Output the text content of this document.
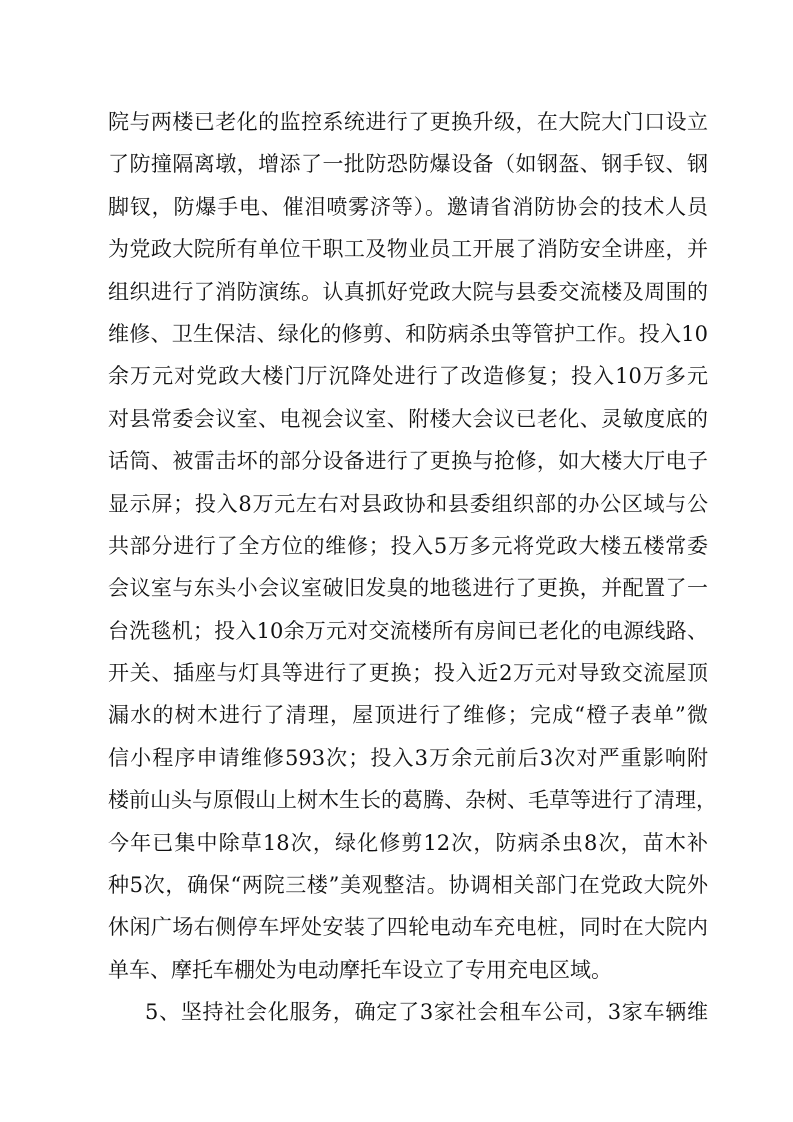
院与两楼已老化的监控系统进行了更换升级，在大院大门口设立
了防撞隔离墩，增添了一批防恐防爆设备（如钢盔、钢手钗、钢
脚钗，防爆手电、催泪喷雾济等）。邀请省消防协会的技术人员
为党政大院所有单位干职工及物业员工开展了消防安全讲座，并
组织进行了消防演练。认真抓好党政大院与县委交流楼及周围的
维修、卫生保洁、绿化的修剪、和防病杀虫等管护工作。投入10
余万元对党政大楼门厅沉降处进行了改造修复；投入10万多元
对县常委会议室、电视会议室、附楼大会议已老化、灵敏度底的
话筒、被雷击坏的部分设备进行了更换与抢修，如大楼大厅电子
显示屏；投入8万元左右对县政协和县委组织部的办公区域与公
共部分进行了全方位的维修；投入5万多元将党政大楼五楼常委
会议室与东头小会议室破旧发臭的地毯进行了更换，并配置了一
台洗毯机；投入10余万元对交流楼所有房间已老化的电源线路、
开关、插座与灯具等进行了更换；投入近2万元对导致交流屋顶
漏水的树木进行了清理，屋顶进行了维修；完成“橙子表单”微
信小程序申请维修593次；投入3万余元前后3次对严重影响附
楼前山头与原假山上树木生长的葛腾、杂树、毛草等进行了清理，
今年已集中除草18次，绿化修剪12次，防病杀虫8次，苗木补
种5次，确保“两院三楼”美观整洁。协调相关部门在党政大院外
休闲广场右侧停车坪处安装了四轮电动车充电桩，同时在大院内
单车、摩托车棚处为电动摩托车设立了专用充电区域。
5、坚持社会化服务，确定了3家社会租车公司，3家车辆维
